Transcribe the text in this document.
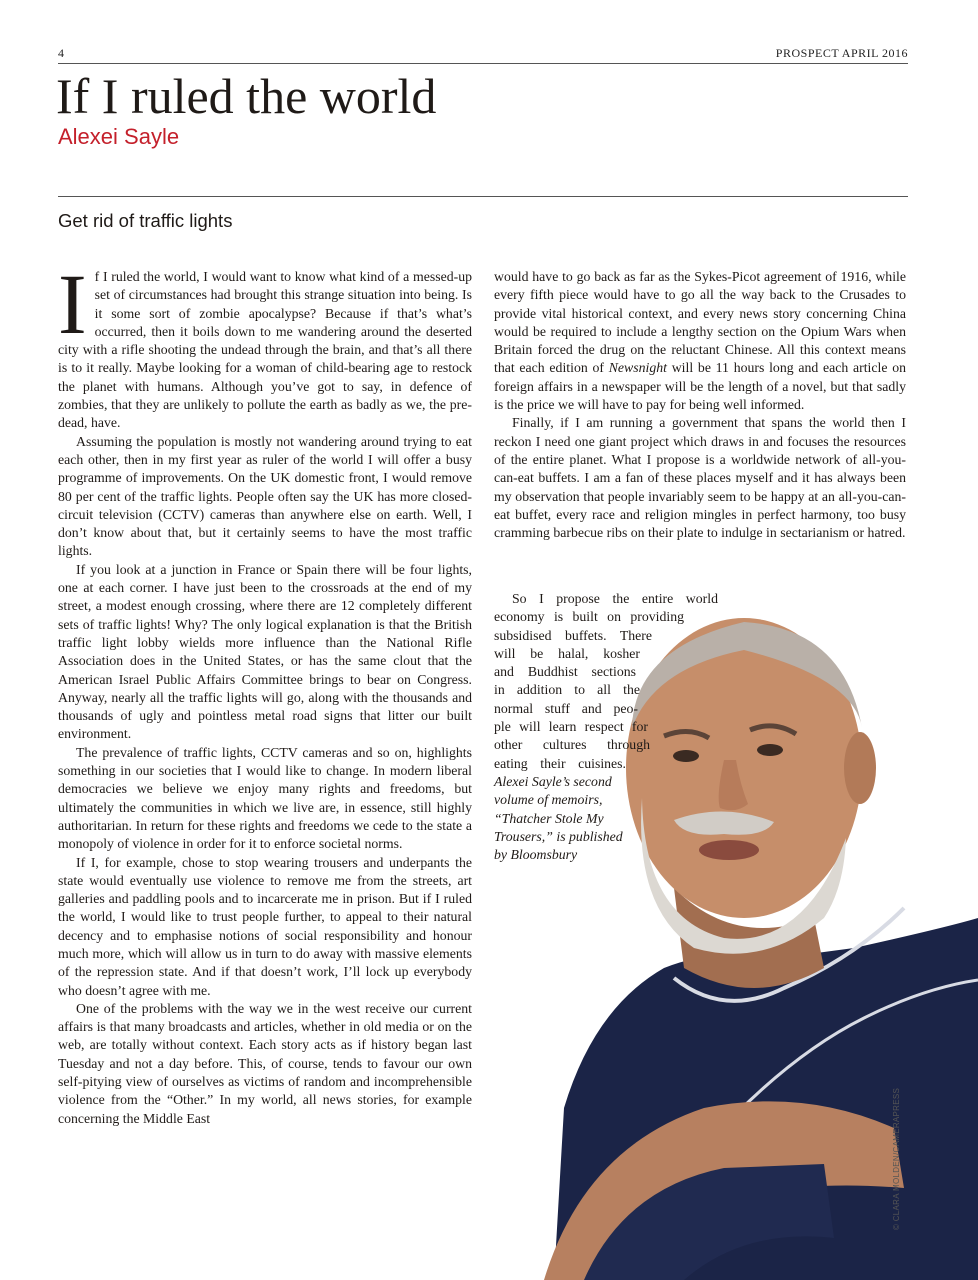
4	PROSPECT APRIL 2016
If I ruled the world
Alexei Sayle
Get rid of traffic lights

If I ruled the world, I would want to know what kind of a messed-up set of circumstances had brought this strange situation into being. Is it some sort of zombie apocalypse? Because if that’s what’s occurred, then it boils down to me wandering around the deserted city with a rifle shooting the undead through the brain, and that’s all there is to it really. Maybe looking for a woman of child-bearing age to restock the planet with humans. Although you’ve got to say, in defence of zombies, that they are unlikely to pollute the earth as badly as we, the pre-dead, have.

Assuming the population is mostly not wandering around trying to eat each other, then in my first year as ruler of the world I will offer a busy programme of improvements. On the UK domestic front, I would remove 80 per cent of the traffic lights. People often say the UK has more closed-circuit television (CCTV) cameras than anywhere else on earth. Well, I don’t know about that, but it certainly seems to have the most traffic lights.

If you look at a junction in France or Spain there will be four lights, one at each corner. I have just been to the crossroads at the end of my street, a modest enough crossing, where there are 12 completely different sets of traffic lights! Why? The only logical explanation is that the British traffic light lobby wields more influence than the National Rifle Association does in the United States, or has the same clout that the American Israel Public Affairs Committee brings to bear on Congress. Anyway, nearly all the traffic lights will go, along with the thousands and thousands of ugly and pointless metal road signs that litter our built environment.

The prevalence of traffic lights, CCTV cameras and so on, highlights something in our societies that I would like to change. In modern liberal democracies we believe we enjoy many rights and freedoms, but ultimately the communities in which we live are, in essence, still highly authoritarian. In return for these rights and freedoms we cede to the state a monopoly of violence in order for it to enforce societal norms.

If I, for example, chose to stop wearing trousers and underpants the state would eventually use violence to remove me from the streets, art galleries and paddling pools and to incarcerate me in prison. But if I ruled the world, I would like to trust people further, to appeal to their natural decency and to emphasise notions of social responsibility and honour much more, which will allow us in turn to do away with massive elements of the repression state. And if that doesn’t work, I’ll lock up everybody who doesn’t agree with me.

One of the problems with the way we in the west receive our current affairs is that many broadcasts and articles, whether in old media or on the web, are totally without context. Each story acts as if history began last Tuesday and not a day before. This, of course, tends to favour our own self-pitying view of ourselves as victims of random and incomprehensible violence from the “Other.” In my world, all news stories, for example concerning the Middle East

would have to go back as far as the Sykes-Picot agreement of 1916, while every fifth piece would have to go all the way back to the Crusades to provide vital historical context, and every news story concerning China would be required to include a lengthy section on the Opium Wars when Britain forced the drug on the reluctant Chinese. All this context means that each edition of Newsnight will be 11 hours long and each article on foreign affairs in a newspaper will be the length of a novel, but that sadly is the price we will have to pay for being well informed.

Finally, if I am running a government that spans the world then I reckon I need one giant project which draws in and focuses the resources of the entire planet. What I propose is a worldwide network of all-you-can-eat buffets. I am a fan of these places myself and it has always been my observation that people invariably seem to be happy at an all-you-can-eat buffet, every race and religion mingles in perfect harmony, too busy cramming barbecue ribs on their plate to indulge in sectarianism or hatred.

So I propose the entire world
economy is built on providing
subsidised buffets. There
will be halal, kosher
and Buddhist sections
in addition to all the
normal stuff and peo-
ple will learn respect for
other cultures through
eating their cuisines.
Alexei Sayle’s second
volume of memoirs,
“Thatcher Stole My
Trousers,” is published
by Bloomsbury
© CLARA MOLDEN/CAMERAPRESS
